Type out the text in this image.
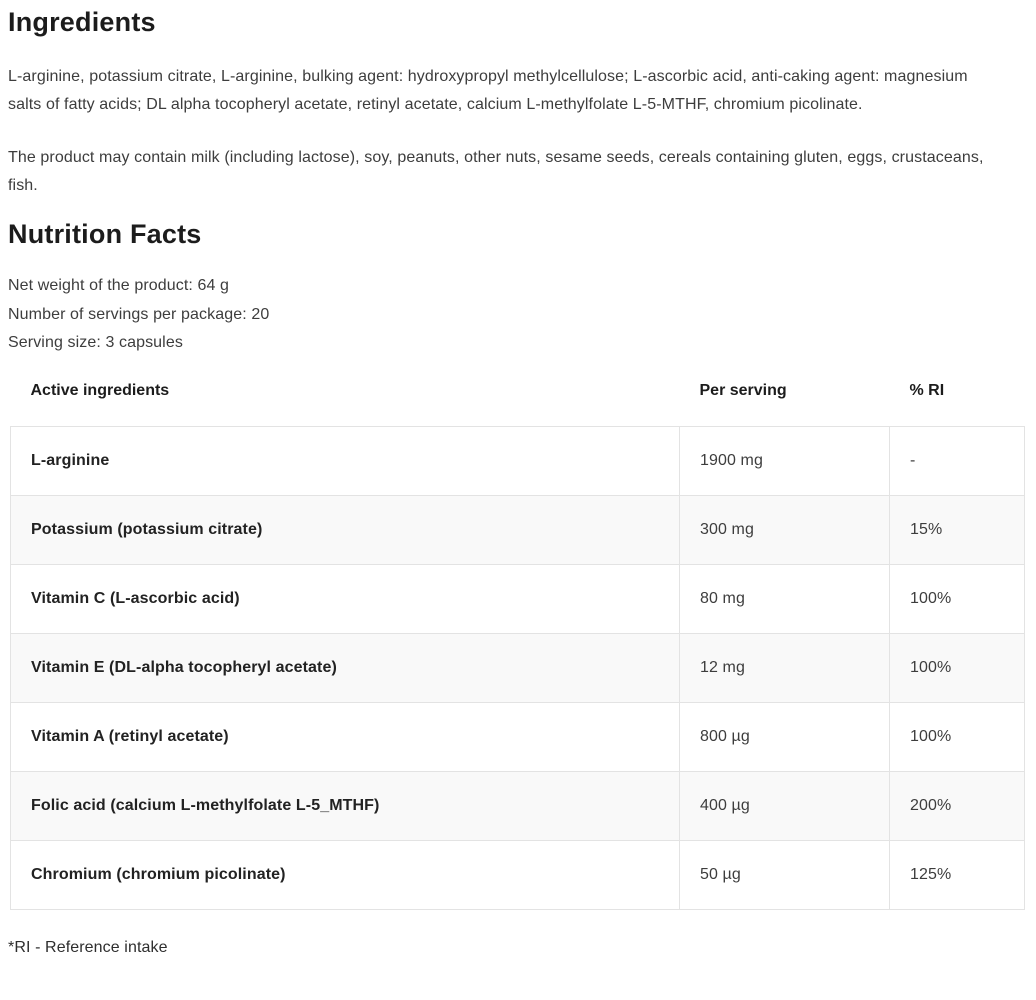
Ingredients

L-arginine, potassium citrate, L-arginine, bulking agent: hydroxypropyl methylcellulose; L-ascorbic acid, anti-caking agent: magnesium salts of fatty acids; DL alpha tocopheryl acetate, retinyl acetate, calcium L-methylfolate L-5-MTHF, chromium picolinate.

The product may contain milk (including lactose), soy, peanuts, other nuts, sesame seeds, cereals containing gluten, eggs, crustaceans, fish.

Nutrition Facts

Net weight of the product: 64 g

Number of servings per package: 20

Serving size: 3 capsules

Active ingredients	Per serving	% RI
L-arginine	1900 mg	-
Potassium (potassium citrate)	300 mg	15%
Vitamin C (L-ascorbic acid)	80 mg	100%
Vitamin E (DL-alpha tocopheryl acetate)	12 mg	100%
Vitamin A (retinyl acetate)	800 µg	100%
Folic acid (calcium L-methylfolate L-5_MTHF)	400 µg	200%
Chromium (chromium picolinate)	50 µg	125%

*RI - Reference intake
